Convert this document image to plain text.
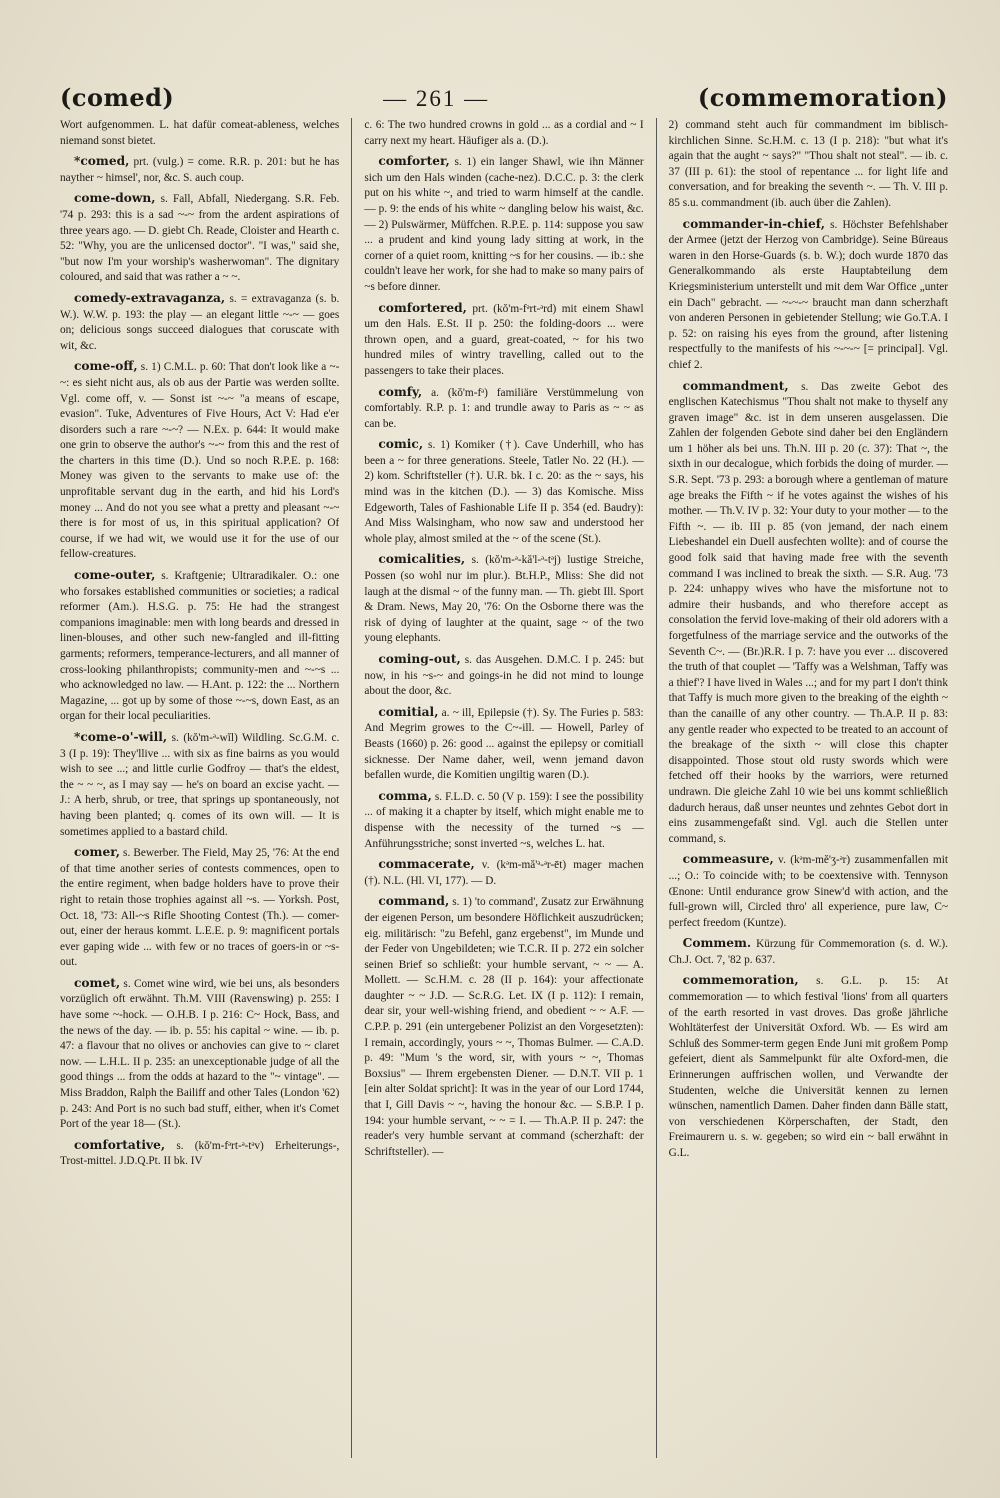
(comed)	— 261 —	(commemoration)

Wort aufgenommen. L. hat dafür comeat-ableness, welches niemand sonst bietet.

*comed, prt. (vulg.) = come. R.R. p. 201: but he has nayther ~ himsel', nor, &c. S. auch coup.

come-down, s. Fall, Abfall, Niedergang. S.R. Feb. '74 p. 293: this is a sad ~-~ from the ardent aspirations of three years ago. — D. giebt Ch. Reade, Cloister and Hearth c. 52: "Why, you are the unlicensed doctor". "I was," said she, "but now I'm your worship's washerwoman". The dignitary coloured, and said that was rather a ~ ~.

comedy-extravaganza, s. = extravaganza (s. b. W.). W.W. p. 193: the play — an elegant little ~-~ — goes on; delicious songs succeed dialogues that coruscate with wit, &c.

come-off, s. 1) C.M.L. p. 60: That don't look like a ~-~: es sieht nicht aus, als ob aus der Partie was werden sollte. Vgl. come off, v. — Sonst ist ~-~ "a means of escape, evasion". Tuke, Adventures of Five Hours, Act V: Had e'er disorders such a rare ~-~? — N.Ex. p. 644: It would make one grin to observe the author's ~-~ from this and the rest of the charters in this time (D.). Und so noch R.P.E. p. 168: Money was given to the servants to make use of: the unprofitable servant dug in the earth, and hid his Lord's money ... And do not you see what a pretty and pleasant ~-~ there is for most of us, in this spiritual application? Of course, if we had wit, we would use it for the use of our fellow-creatures.

come-outer, s. Kraftgenie; Ultraradikaler. O.: one who forsakes established communities or societies; a radical reformer (Am.). H.S.G. p. 75: He had the strangest companions imaginable: men with long beards and dressed in linen-blouses, and other such new-fangled and ill-fitting garments; reformers, temperance-lecturers, and all manner of cross-looking philanthropists; community-men and ~-~s ... who acknowledged no law. — H.Ant. p. 122: the ... Northern Magazine, ... got up by some of those ~-~s, down East, as an organ for their local peculiarities.

*come-o'-will, s. (kŏ'm-ᵊ-wĭl) Wildling. Sc.G.M. c. 3 (I p. 19): They'llive ... with six as fine bairns as you would wish to see ...; and little curlie Godfroy — that's the eldest, the ~ ~ ~, as I may say — he's on board an excise yacht. — J.: A herb, shrub, or tree, that springs up spontaneously, not having been planted; q. comes of its own will. — It is sometimes applied to a bastard child.

comer, s. Bewerber. The Field, May 25, '76: At the end of that time another series of contests commences, open to the entire regiment, when badge holders have to prove their right to retain those trophies against all ~s. — Yorksh. Post, Oct. 18, '73: All-~s Rifle Shooting Contest (Th.). — comer-out, einer der heraus kommt. L.E.E. p. 9: magnificent portals ever gaping wide ... with few or no traces of goers-in or ~s-out.

comet, s. Comet wine wird, wie bei uns, als besonders vorzüglich oft erwähnt. Th.M. VIII (Ravenswing) p. 255: I have some ~-hock. — O.H.B. I p. 216: C~ Hock, Bass, and the news of the day. — ib. p. 55: his capital ~ wine. — ib. p. 47: a flavour that no olives or anchovies can give to ~ claret now. — L.H.L. II p. 235: an unexceptionable judge of all the good things ... from the odds at hazard to the "~ vintage". — Miss Braddon, Ralph the Bailiff and other Tales (London '62) p. 243: And Port is no such bad stuff, either, when it's Comet Port of the year 18— (St.).

comfortative, s. (kŏ'm-fᵊrt-ᵊ-tᵊv) Erheiterungs-, Trost-mittel. J.D.Q.Pt. II bk. IV

c. 6: The two hundred crowns in gold ... as a cordial and ~ I carry next my heart. Häufiger als a. (D.).

comforter, s. 1) ein langer Shawl, wie ihn Männer sich um den Hals winden (cache-nez). D.C.C. p. 3: the clerk put on his white ~, and tried to warm himself at the candle. — p. 9: the ends of his white ~ dangling below his waist, &c. — 2) Pulswärmer, Müffchen. R.P.E. p. 114: suppose you saw ... a prudent and kind young lady sitting at work, in the corner of a quiet room, knitting ~s for her cousins. — ib.: she couldn't leave her work, for she had to make so many pairs of ~s before dinner.

comfortered, prt. (kŏ'm-fᵊrt-ᵊrd) mit einem Shawl um den Hals. E.St. II p. 250: the folding-doors ... were thrown open, and a guard, great-coated, ~ for his two hundred miles of wintry travelling, called out to the passengers to take their places.

comfy, a. (kŏ'm-fᵊ) familiäre Verstümmelung von comfortably. R.P. p. 1: and trundle away to Paris as ~ ~ as can be.

comic, s. 1) Komiker (†). Cave Underhill, who has been a ~ for three generations. Steele, Tatler No. 22 (H.). — 2) kom. Schriftsteller (†). U.R. bk. I c. 20: as the ~ says, his mind was in the kitchen (D.). — 3) das Komische. Miss Edgeworth, Tales of Fashionable Life II p. 354 (ed. Baudry): And Miss Walsingham, who now saw and understood her whole play, almost smiled at the ~ of the scene (St.).

comicalities, s. (kŏ'm-ᵊ-kă'l-ᵊ-tᵊj) lustige Streiche, Possen (so wohl nur im plur.). Bt.H.P., Mliss: She did not laugh at the dismal ~ of the funny man. — Th. giebt Ill. Sport & Dram. News, May 20, '76: On the Osborne there was the risk of dying of laughter at the quaint, sage ~ of the two young elephants.

coming-out, s. das Ausgehen. D.M.C. I p. 245: but now, in his ~s-~ and goings-in he did not mind to lounge about the door, &c.

comitial, a. ~ ill, Epilepsie (†). Sy. The Furies p. 583: And Megrim growes to the C~-ill. — Howell, Parley of Beasts (1660) p. 26: good ... against the epilepsy or comitiall sicknesse. Der Name daher, weil, wenn jemand davon befallen wurde, die Komitien ungiltig waren (D.).

comma, s. F.L.D. c. 50 (V p. 159): I see the possibility ... of making it a chapter by itself, which might enable me to dispense with the necessity of the turned ~s — Anführungsstriche; sonst inverted ~s, welches L. hat.

commacerate, v. (kᵊm-mă'ᵊ-ᵊr-ēt) mager machen (†). N.L. (Hl. VI, 177). — D.

command, s. 1) 'to command', Zusatz zur Erwähnung der eigenen Person, um besondere Höflichkeit auszudrücken; eig. militärisch: "zu Befehl, ganz ergebenst", im Munde und der Feder von Ungebildeten; wie T.C.R. II p. 272 ein solcher seinen Brief so schließt: your humble servant, ~ ~ — A. Mollett. — Sc.H.M. c. 28 (II p. 164): your affectionate daughter ~ ~ J.D. — Sc.R.G. Let. IX (I p. 112): I remain, dear sir, your well-wishing friend, and obedient ~ ~ A.F. — C.P.P. p. 291 (ein untergebener Polizist an den Vorgesetzten): I remain, accordingly, yours ~ ~, Thomas Bulmer. — C.A.D. p. 49: "Mum 's the word, sir, with yours ~ ~, Thomas Boxsius" — Ihrem ergebensten Diener. — D.N.T. VII p. 1 [ein alter Soldat spricht]: It was in the year of our Lord 1744, that I, Gill Davis ~ ~, having the honour &c. — S.B.P. I p. 194: your humble servant, ~ ~ = I. — Th.A.P. II p. 247: the reader's very humble servant at command (scherzhaft: der Schriftsteller). —

2) command steht auch für commandment im biblisch-kirchlichen Sinne. Sc.H.M. c. 13 (I p. 218): "but what it's again that the aught ~ says?" "Thou shalt not steal". — ib. c. 37 (III p. 61): the stool of repentance ... for light life and conversation, and for breaking the seventh ~. — Th. V. III p. 85 s.u. commandment (ib. auch über die Zahlen).

commander-in-chief, s. Höchster Befehlshaber der Armee (jetzt der Herzog von Cambridge). Seine Büreaus waren in den Horse-Guards (s. b. W.); doch wurde 1870 das Generalkommando als erste Hauptabteilung dem Kriegsministerium unterstellt und mit dem War Office „unter ein Dach" gebracht. — ~-~-~ braucht man dann scherzhaft von anderen Personen in gebietender Stellung; wie Go.T.A. I p. 52: on raising his eyes from the ground, after listening respectfully to the manifests of his ~-~-~ [= principal]. Vgl. chief 2.

commandment, s. Das zweite Gebot des englischen Katechismus "Thou shalt not make to thyself any graven image" &c. ist in dem unseren ausgelassen. Die Zahlen der folgenden Gebote sind daher bei den Engländern um 1 höher als bei uns. Th.N. III p. 20 (c. 37): That ~, the sixth in our decalogue, which forbids the doing of murder. — S.R. Sept. '73 p. 293: a borough where a gentleman of mature age breaks the Fifth ~ if he votes against the wishes of his mother. — Th.V. IV p. 32: Your duty to your mother — to the Fifth ~. — ib. III p. 85 (von jemand, der nach einem Liebeshandel ein Duell ausfechten wollte): and of course the good folk said that having made free with the seventh command I was inclined to break the sixth. — S.R. Aug. '73 p. 224: unhappy wives who have the misfortune not to admire their husbands, and who therefore accept as consolation the fervid love-making of their old adorers with a forgetfulness of the marriage service and the outworks of the Seventh C~. — (Br.)R.R. I p. 7: have you ever ... discovered the truth of that couplet — 'Taffy was a Welshman, Taffy was a thief'? I have lived in Wales ...; and for my part I don't think that Taffy is much more given to the breaking of the eighth ~ than the canaille of any other country. — Th.A.P. II p. 83: any gentle reader who expected to be treated to an account of the breakage of the sixth ~ will close this chapter disappointed. Those stout old rusty swords which were fetched off their hooks by the warriors, were returned undrawn. Die gleiche Zahl 10 wie bei uns kommt schließlich dadurch heraus, daß unser neuntes und zehntes Gebot dort in eins zusammengefaßt sind. Vgl. auch die Stellen unter command, s.

commeasure, v. (kᵊm-mĕ'ʒ-ᵊr) zusammenfallen mit ...; O.: To coincide with; to be coextensive with. Tennyson Œnone: Until endurance grow Sinew'd with action, and the full-grown will, Circled thro' all experience, pure law, C~ perfect freedom (Kuntze).

Commem. Kürzung für Commemoration (s. d. W.). Ch.J. Oct. 7, '82 p. 637.

commemoration, s. G.L. p. 15: At commemoration — to which festival 'lions' from all quarters of the earth resorted in vast droves. Das große jährliche Wohltäterfest der Universität Oxford. Wb. — Es wird am Schluß des Sommer-term gegen Ende Juni mit großem Pomp gefeiert, dient als Sammelpunkt für alte Oxford-men, die Erinnerungen auffrischen wollen, und Verwandte der Studenten, welche die Universität kennen zu lernen wünschen, namentlich Damen. Daher finden dann Bälle statt, von verschiedenen Körperschaften, der Stadt, den Freimaurern u. s. w. gegeben; so wird ein ~ ball erwähnt in G.L.
